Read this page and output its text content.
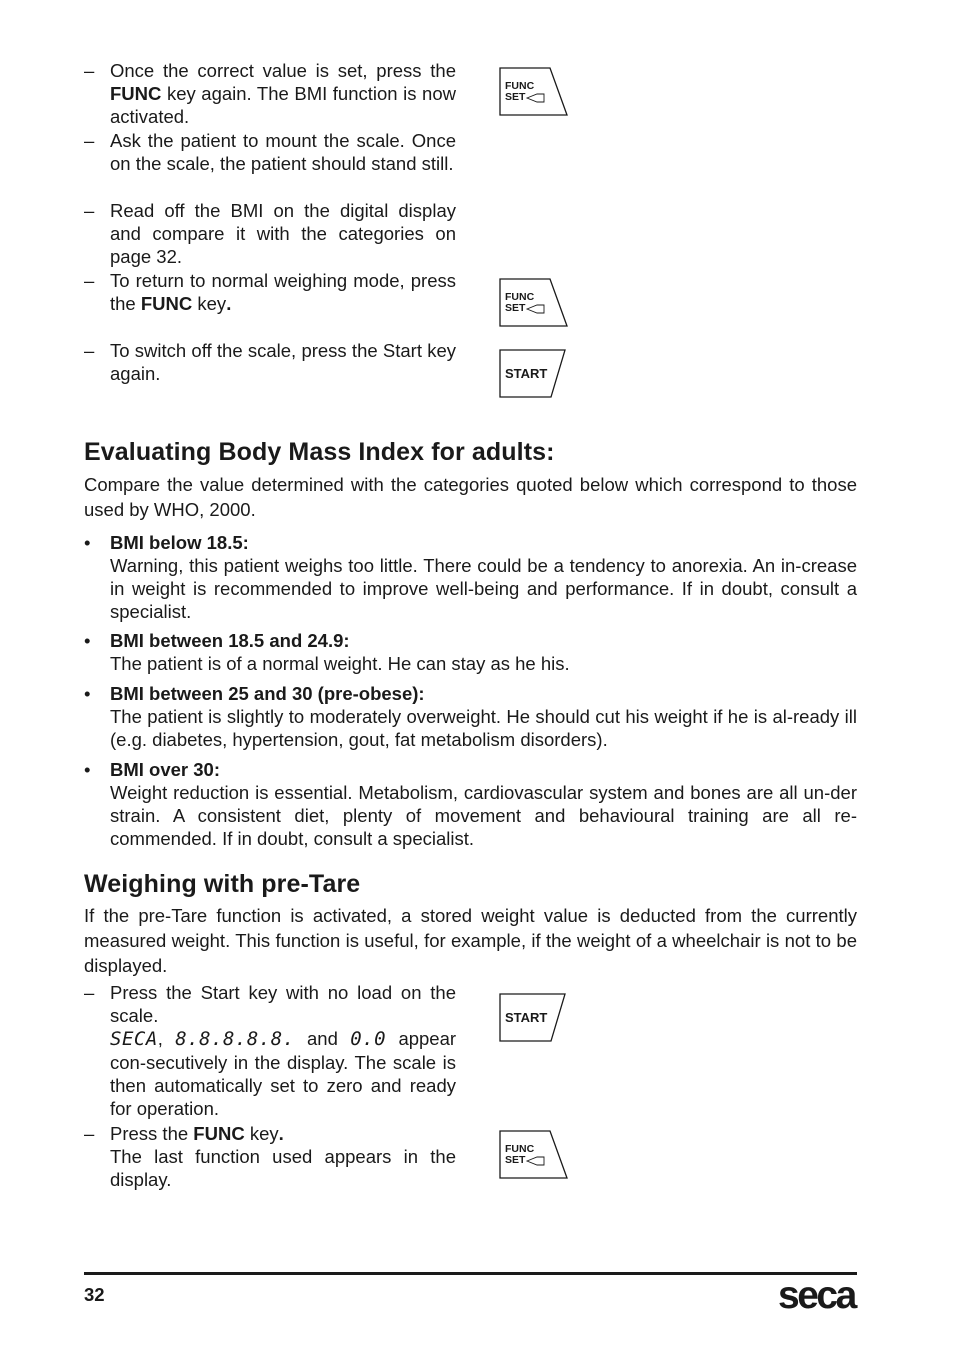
– Once the correct value is set, press the FUNC key again. The BMI function is now activated.
– Ask the patient to mount the scale. Once on the scale, the patient should stand still.
– Read off the BMI on the digital display and compare it with the categories on page 32.
– To return to normal weighing mode, press the FUNC key.
– To switch off the scale, press the Start key again.
FUNC
SET
FUNC
SET
START
Evaluating Body Mass Index for adults:
Compare the value determined with the categories quoted below which correspond to those used by WHO, 2000.
• BMI below 18.5:
Warning, this patient weighs too little. There could be a tendency to anorexia. An in-crease in weight is recommended to improve well-being and performance. If in doubt, consult a specialist.
• BMI between 18.5 and 24.9:
The patient is of a normal weight. He can stay as he his.
• BMI between 25 and 30 (pre-obese):
The patient is slightly to moderately overweight. He should cut his weight if he is al-ready ill (e.g. diabetes, hypertension, gout, fat metabolism disorders).
• BMI over 30:
Weight reduction is essential. Metabolism, cardiovascular system and bones are all un-der strain. A consistent diet, plenty of movement and behavioural training are all re-commended. If in doubt, consult a specialist.
Weighing with pre-Tare
If the pre-Tare function is activated, a stored weight value is deducted from the currently measured weight. This function is useful, for example, if the weight of a wheelchair is not to be displayed.
– Press the Start key with no load on the scale.
SECA, 8.8.8.8.8. and 0.0 appear con-secutively in the display. The scale is then automatically set to zero and ready for operation.
– Press the FUNC key.
The last function used appears in the display.
START
FUNC
SET
32	seca
